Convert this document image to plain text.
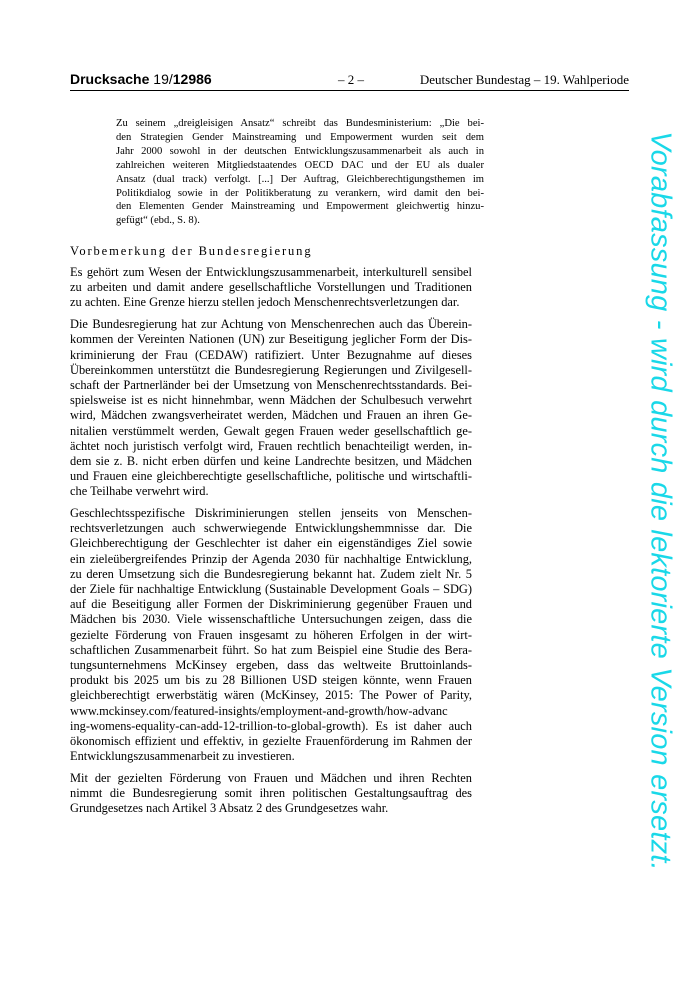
Drucksache 19/12986	– 2 –	Deutscher Bundestag – 19. Wahlperiode

Zu seinem „dreigleisigen Ansatz“ schreibt das Bundesministerium: „Die bei-
den Strategien Gender Mainstreaming und Empowerment wurden seit dem
Jahr 2000 sowohl in der deutschen Entwicklungszusammenarbeit als auch in
zahlreichen weiteren Mitgliedstaatendes OECD DAC und der EU als dualer
Ansatz (dual track) verfolgt. [...] Der Auftrag, Gleichberechtigungsthemen im
Politikdialog sowie in der Politikberatung zu verankern, wird damit den bei-
den Elementen Gender Mainstreaming und Empowerment gleichwertig hinzu-
gefügt“ (ebd., S. 8).

Vorbemerkung der Bundesregierung

Es gehört zum Wesen der Entwicklungszusammenarbeit, interkulturell sensibel
zu arbeiten und damit andere gesellschaftliche Vorstellungen und Traditionen
zu achten. Eine Grenze hierzu stellen jedoch Menschenrechtsverletzungen dar.

Die Bundesregierung hat zur Achtung von Menschenrechen auch das Überein-
kommen der Vereinten Nationen (UN) zur Beseitigung jeglicher Form der Dis-
kriminierung der Frau (CEDAW) ratifiziert. Unter Bezugnahme auf dieses
Übereinkommen unterstützt die Bundesregierung Regierungen und Zivilgesell-
schaft der Partnerländer bei der Umsetzung von Menschenrechtsstandards. Bei-
spielsweise ist es nicht hinnehmbar, wenn Mädchen der Schulbesuch verwehrt
wird, Mädchen zwangsverheiratet werden, Mädchen und Frauen an ihren Ge-
nitalien verstümmelt werden, Gewalt gegen Frauen weder gesellschaftlich ge-
ächtet noch juristisch verfolgt wird, Frauen rechtlich benachteiligt werden, in-
dem sie z. B. nicht erben dürfen und keine Landrechte besitzen, und Mädchen
und Frauen eine gleichberechtigte gesellschaftliche, politische und wirtschaftli-
che Teilhabe verwehrt wird.

Geschlechtsspezifische Diskriminierungen stellen jenseits von Menschen-
rechtsverletzungen auch schwerwiegende Entwicklungshemmnisse dar. Die
Gleichberechtigung der Geschlechter ist daher ein eigenständiges Ziel sowie
ein zieleübergreifendes Prinzip der Agenda 2030 für nachhaltige Entwicklung,
zu deren Umsetzung sich die Bundesregierung bekannt hat. Zudem zielt Nr. 5
der Ziele für nachhaltige Entwicklung (Sustainable Development Goals – SDG)
auf die Beseitigung aller Formen der Diskriminierung gegenüber Frauen und
Mädchen bis 2030. Viele wissenschaftliche Untersuchungen zeigen, dass die
gezielte Förderung von Frauen insgesamt zu höheren Erfolgen in der wirt-
schaftlichen Zusammenarbeit führt. So hat zum Beispiel eine Studie des Bera-
tungsunternehmens McKinsey ergeben, dass das weltweite Bruttoinlands-
produkt bis 2025 um bis zu 28 Billionen USD steigen könnte, wenn Frauen
gleichberechtigt erwerbstätig wären (McKinsey, 2015: The Power of Parity,
www.mckinsey.com/featured-insights/employment-and-growth/how-advanc
ing-womens-equality-can-add-12-trillion-to-global-growth). Es ist daher auch
ökonomisch effizient und effektiv, in gezielte Frauenförderung im Rahmen der
Entwicklungszusammenarbeit zu investieren.

Mit der gezielten Förderung von Frauen und Mädchen und ihren Rechten
nimmt die Bundesregierung somit ihren politischen Gestaltungsauftrag des
Grundgesetzes nach Artikel 3 Absatz 2 des Grundgesetzes wahr.	Vorabfassung - wird durch die lektorierte Version ersetzt.
